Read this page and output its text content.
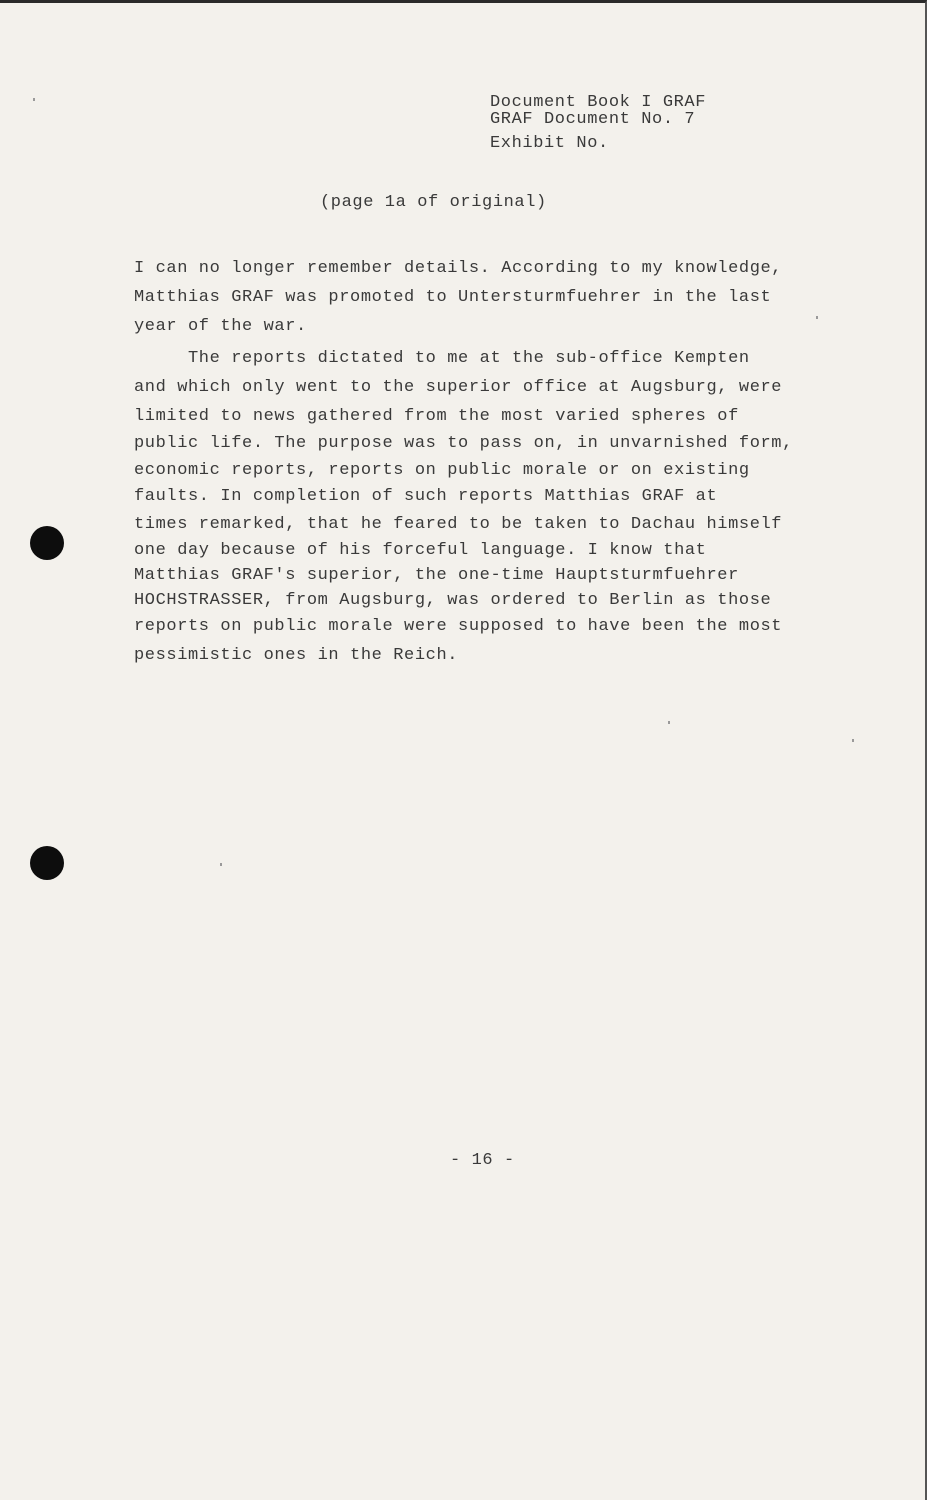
Document Book I GRAF
GRAF Document No. 7
Exhibit No.
(page 1a of original)
I can no longer remember details. According to my knowledge,
Matthias GRAF was promoted to Untersturmfuehrer in the last
year of the war.
The reports dictated to me at the sub-office Kempten
and which only went to the superior office at Augsburg, were
limited to news gathered from the most varied spheres of
public life. The purpose was to pass on, in unvarnished form,
economic reports, reports on public morale or on existing
faults. In completion of such reports Matthias GRAF at
times remarked, that he feared to be taken to Dachau himself
one day because of his forceful language. I know that
Matthias GRAF's superior, the one-time Hauptsturmfuehrer
HOCHSTRASSER, from Augsburg, was ordered to Berlin as those
reports on public morale were supposed to have been the most
pessimistic ones in the Reich.
- 16 -
